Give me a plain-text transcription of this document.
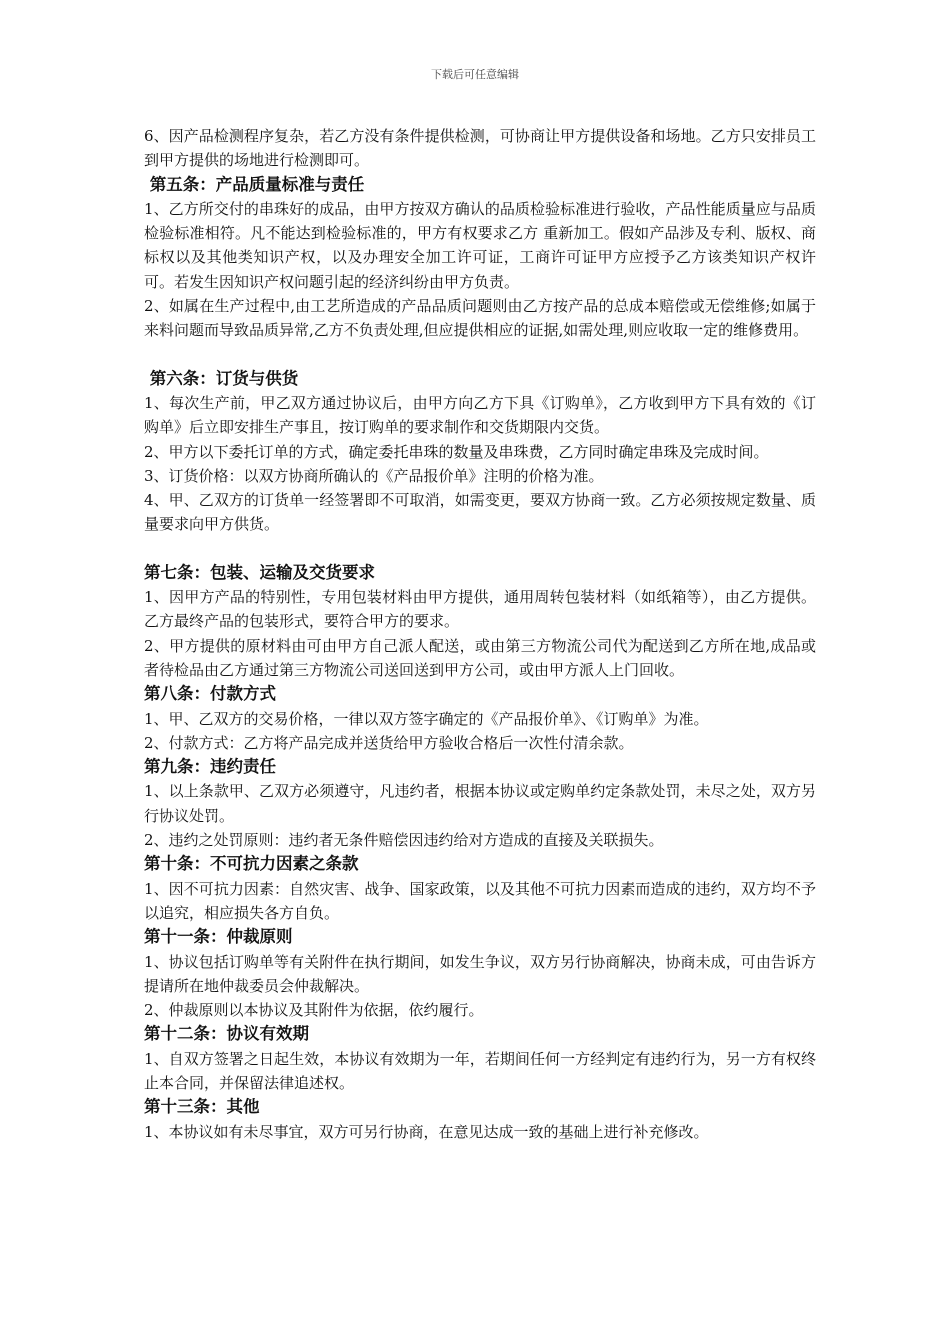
下载后可任意编辑

6、因产品检测程序复杂，若乙方没有条件提供检测，可协商让甲方提供设备和场地。乙方只安排员工到甲方提供的场地进行检测即可。

第五条：产品质量标准与责任

1、乙方所交付的串珠好的成品，由甲方按双方确认的品质检验标准进行验收，产品性能质量应与品质检验标准相符。凡不能达到检验标准的，甲方有权要求乙方 重新加工。假如产品涉及专利、版权、商标权以及其他类知识产权，以及办理安全加工许可证，工商许可证甲方应授予乙方该类知识产权许可。若发生因知识产权问题引起的经济纠纷由甲方负责。

2、如属在生产过程中,由工艺所造成的产品品质问题则由乙方按产品的总成本赔偿或无偿维修;如属于来料问题而导致品质异常,乙方不负责处理,但应提供相应的证据,如需处理,则应收取一定的维修费用。

第六条：订货与供货

1、每次生产前，甲乙双方通过协议后，由甲方向乙方下具《订购单》，乙方收到甲方下具有效的《订购单》后立即安排生产事且，按订购单的要求制作和交货期限内交货。

2、甲方以下委托订单的方式，确定委托串珠的数量及串珠费，乙方同时确定串珠及完成时间。

3、订货价格：以双方协商所确认的《产品报价单》注明的价格为准。

4、甲、乙双方的订货单一经签署即不可取消，如需变更，要双方协商一致。乙方必须按规定数量、质量要求向甲方供货。

第七条：包装、运输及交货要求

1、因甲方产品的特别性，专用包装材料由甲方提供，通用周转包装材料（如纸箱等），由乙方提供。乙方最终产品的包装形式，要符合甲方的要求。

2、甲方提供的原材料由可由甲方自己派人配送，或由第三方物流公司代为配送到乙方所在地,成品或者待检品由乙方通过第三方物流公司送回送到甲方公司，或由甲方派人上门回收。

第八条：付款方式

1、甲、乙双方的交易价格，一律以双方签字确定的《产品报价单》、《订购单》为准。

2、付款方式：乙方将产品完成并送货给甲方验收合格后一次性付清余款。

第九条：违约责任

1、以上条款甲、乙双方必须遵守，凡违约者，根据本协议或定购单约定条款处罚，未尽之处，双方另行协议处罚。

2、违约之处罚原则：违约者无条件赔偿因违约给对方造成的直接及关联损失。

第十条：不可抗力因素之条款

1、因不可抗力因素：自然灾害、战争、国家政策，以及其他不可抗力因素而造成的违约，双方均不予以追究，相应损失各方自负。

第十一条：仲裁原则

1、协议包括订购单等有关附件在执行期间，如发生争议，双方另行协商解决，协商未成，可由告诉方提请所在地仲裁委员会仲裁解决。

2、仲裁原则以本协议及其附件为依据，依约履行。

第十二条：协议有效期

1、自双方签署之日起生效，本协议有效期为一年，若期间任何一方经判定有违约行为，另一方有权终止本合同，并保留法律追述权。

第十三条：其他

1、本协议如有未尽事宜，双方可另行协商，在意见达成一致的基础上进行补充修改。
